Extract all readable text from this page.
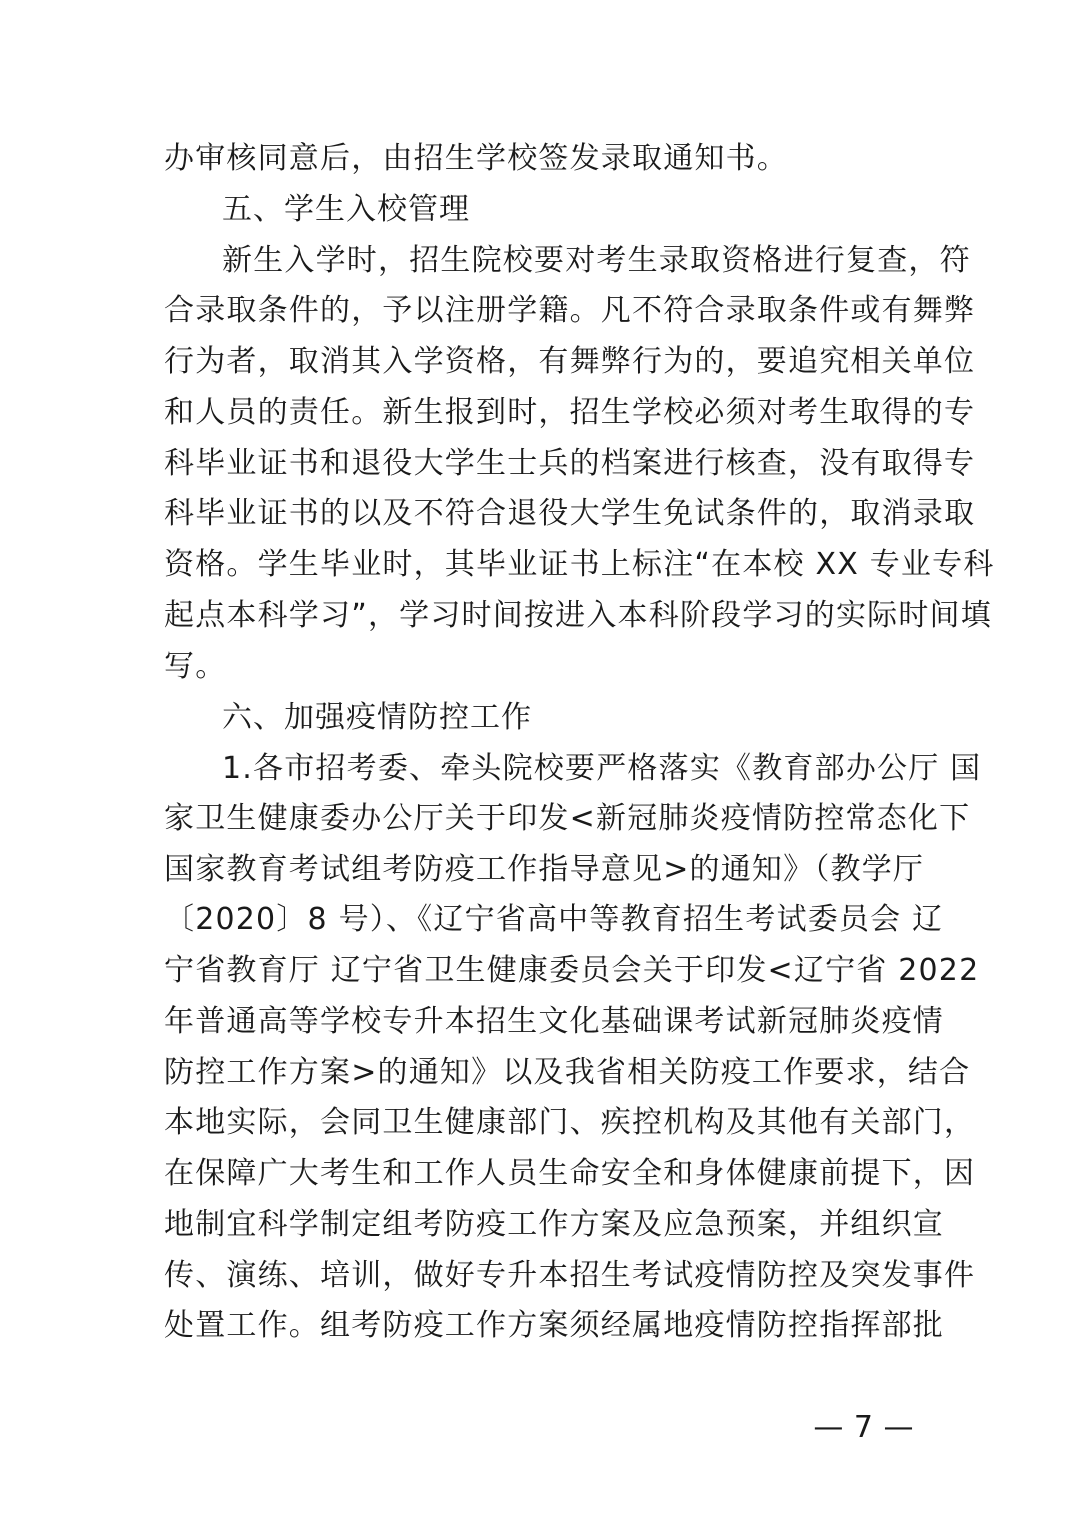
办审核同意后，由招生学校签发录取通知书。
五、学生入校管理
新生入学时，招生院校要对考生录取资格进行复查，符
合录取条件的，予以注册学籍。凡不符合录取条件或有舞弊
行为者，取消其入学资格，有舞弊行为的，要追究相关单位
和人员的责任。新生报到时，招生学校必须对考生取得的专
科毕业证书和退役大学生士兵的档案进行核查，没有取得专
科毕业证书的以及不符合退役大学生免试条件的，取消录取
资格。学生毕业时，其毕业证书上标注“在本校 XX 专业专科
起点本科学习”，学习时间按进入本科阶段学习的实际时间填
写。
六、加强疫情防控工作
1.各市招考委、牵头院校要严格落实《教育部办公厅 国
家卫生健康委办公厅关于印发<新冠肺炎疫情防控常态化下
国家教育考试组考防疫工作指导意见>的通知》（教学厅
〔2020〕8 号）、《辽宁省高中等教育招生考试委员会 辽
宁省教育厅 辽宁省卫生健康委员会关于印发<辽宁省 2022
年普通高等学校专升本招生文化基础课考试新冠肺炎疫情
防控工作方案>的通知》以及我省相关防疫工作要求，结合
本地实际，会同卫生健康部门、疾控机构及其他有关部门，
在保障广大考生和工作人员生命安全和身体健康前提下，因
地制宜科学制定组考防疫工作方案及应急预案，并组织宣
传、演练、培训，做好专升本招生考试疫情防控及突发事件
处置工作。组考防疫工作方案须经属地疫情防控指挥部批
— 7 —
